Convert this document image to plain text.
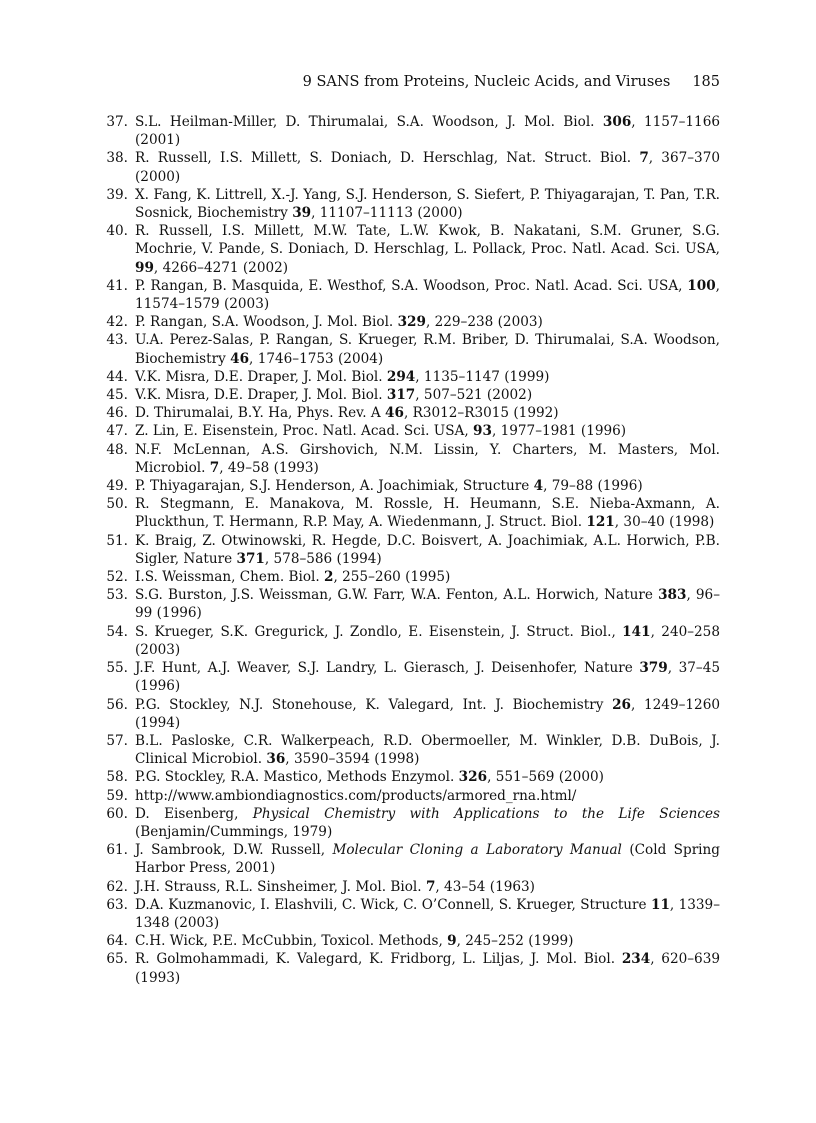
9 SANS from Proteins, Nucleic Acids, and Viruses 185
37. S.L. Heilman-Miller, D. Thirumalai, S.A. Woodson, J. Mol. Biol. 306, 1157–1166 (2001)
38. R. Russell, I.S. Millett, S. Doniach, D. Herschlag, Nat. Struct. Biol. 7, 367–370 (2000)
39. X. Fang, K. Littrell, X.-J. Yang, S.J. Henderson, S. Siefert, P. Thiyagarajan, T. Pan, T.R. Sosnick, Biochemistry 39, 11107–11113 (2000)
40. R. Russell, I.S. Millett, M.W. Tate, L.W. Kwok, B. Nakatani, S.M. Gruner, S.G. Mochrie, V. Pande, S. Doniach, D. Herschlag, L. Pollack, Proc. Natl. Acad. Sci. USA, 99, 4266–4271 (2002)
41. P. Rangan, B. Masquida, E. Westhof, S.A. Woodson, Proc. Natl. Acad. Sci. USA, 100, 11574–1579 (2003)
42. P. Rangan, S.A. Woodson, J. Mol. Biol. 329, 229–238 (2003)
43. U.A. Perez-Salas, P. Rangan, S. Krueger, R.M. Briber, D. Thirumalai, S.A. Woodson, Biochemistry 46, 1746–1753 (2004)
44. V.K. Misra, D.E. Draper, J. Mol. Biol. 294, 1135–1147 (1999)
45. V.K. Misra, D.E. Draper, J. Mol. Biol. 317, 507–521 (2002)
46. D. Thirumalai, B.Y. Ha, Phys. Rev. A 46, R3012–R3015 (1992)
47. Z. Lin, E. Eisenstein, Proc. Natl. Acad. Sci. USA, 93, 1977–1981 (1996)
48. N.F. McLennan, A.S. Girshovich, N.M. Lissin, Y. Charters, M. Masters, Mol. Microbiol. 7, 49–58 (1993)
49. P. Thiyagarajan, S.J. Henderson, A. Joachimiak, Structure 4, 79–88 (1996)
50. R. Stegmann, E. Manakova, M. Rossle, H. Heumann, S.E. Nieba-Axmann, A. Pluckthun, T. Hermann, R.P. May, A. Wiedenmann, J. Struct. Biol. 121, 30–40 (1998)
51. K. Braig, Z. Otwinowski, R. Hegde, D.C. Boisvert, A. Joachimiak, A.L. Horwich, P.B. Sigler, Nature 371, 578–586 (1994)
52. I.S. Weissman, Chem. Biol. 2, 255–260 (1995)
53. S.G. Burston, J.S. Weissman, G.W. Farr, W.A. Fenton, A.L. Horwich, Nature 383, 96–99 (1996)
54. S. Krueger, S.K. Gregurick, J. Zondlo, E. Eisenstein, J. Struct. Biol., 141, 240–258 (2003)
55. J.F. Hunt, A.J. Weaver, S.J. Landry, L. Gierasch, J. Deisenhofer, Nature 379, 37–45 (1996)
56. P.G. Stockley, N.J. Stonehouse, K. Valegard, Int. J. Biochemistry 26, 1249–1260 (1994)
57. B.L. Pasloske, C.R. Walkerpeach, R.D. Obermoeller, M. Winkler, D.B. DuBois, J. Clinical Microbiol. 36, 3590–3594 (1998)
58. P.G. Stockley, R.A. Mastico, Methods Enzymol. 326, 551–569 (2000)
59. http://www.ambiondiagnostics.com/products/armored_rna.html/
60. D. Eisenberg, Physical Chemistry with Applications to the Life Sciences (Benjamin/Cummings, 1979)
61. J. Sambrook, D.W. Russell, Molecular Cloning a Laboratory Manual (Cold Spring Harbor Press, 2001)
62. J.H. Strauss, R.L. Sinsheimer, J. Mol. Biol. 7, 43–54 (1963)
63. D.A. Kuzmanovic, I. Elashvili, C. Wick, C. O’Connell, S. Krueger, Structure 11, 1339–1348 (2003)
64. C.H. Wick, P.E. McCubbin, Toxicol. Methods, 9, 245–252 (1999)
65. R. Golmohammadi, K. Valegard, K. Fridborg, L. Liljas, J. Mol. Biol. 234, 620–639 (1993)
